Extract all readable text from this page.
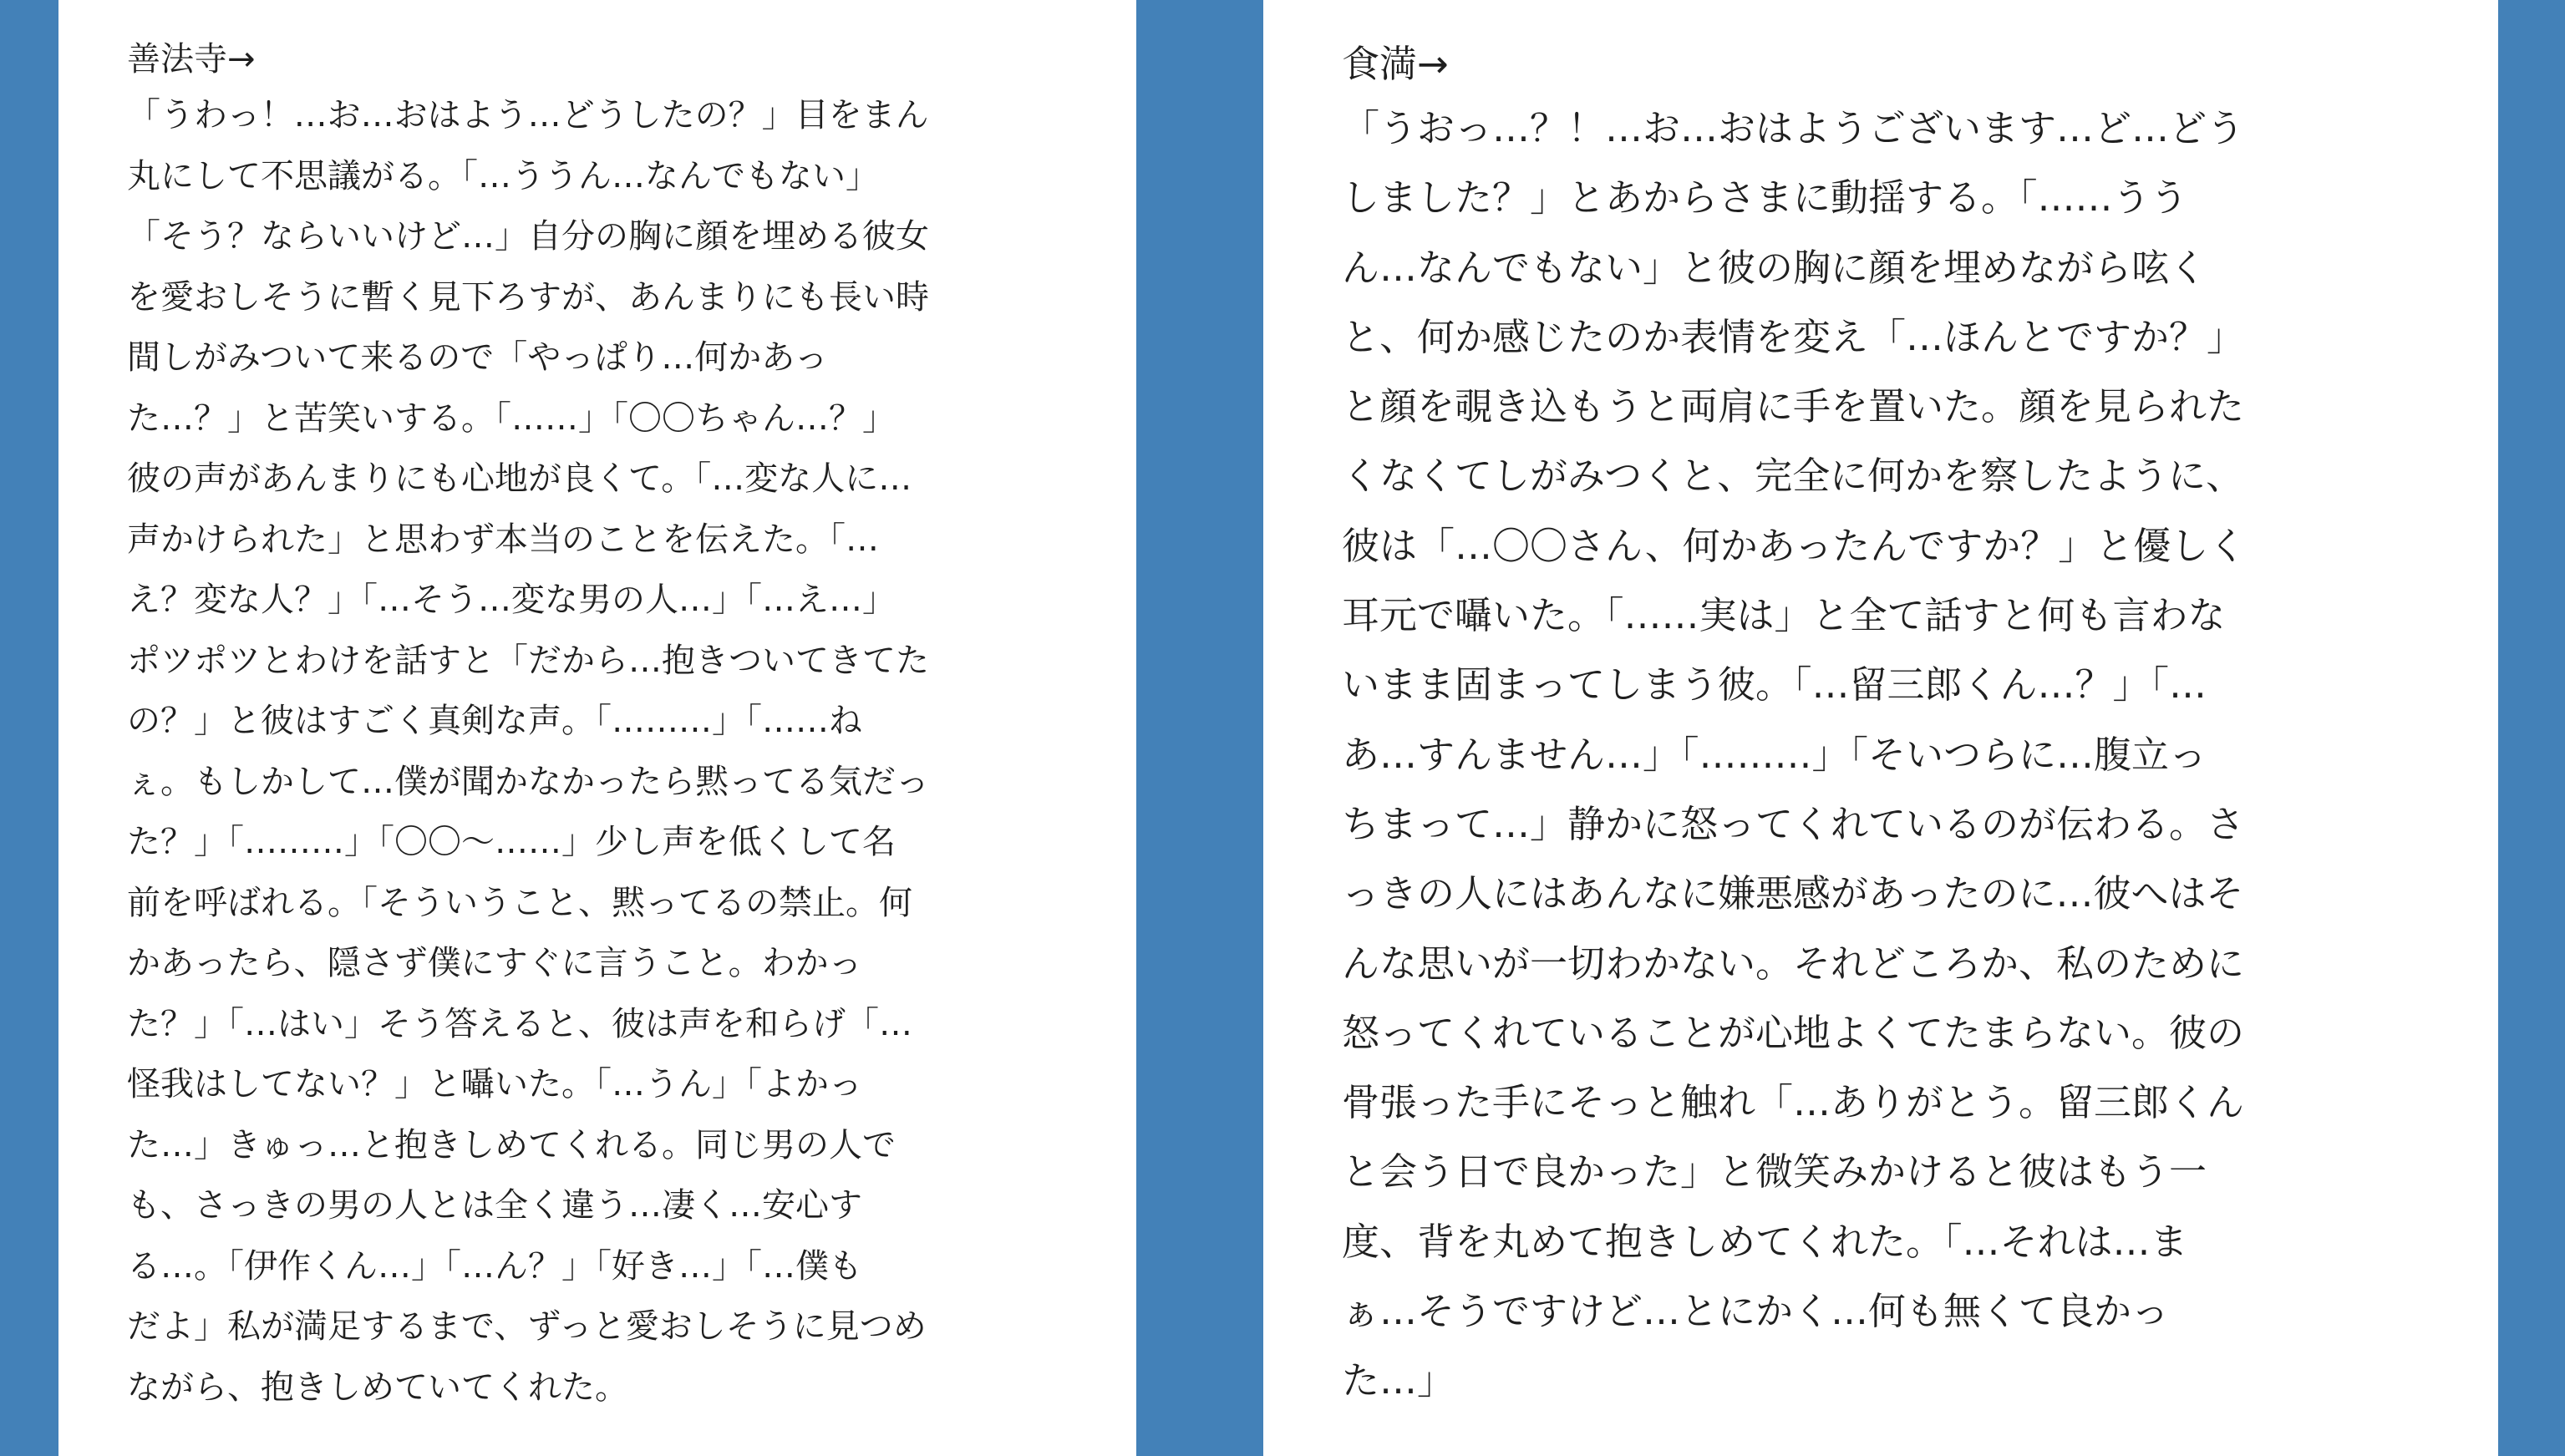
善法寺→
「うわっ！…お…おはよう…どうしたの？」目をまん
丸にして不思議がる。「…ううん…なんでもない」
「そう？ならいいけど…」自分の胸に顔を埋める彼女
を愛おしそうに暫く見下ろすが、あんまりにも長い時
間しがみついて来るので「やっぱり…何かあっ
た…？」と苦笑いする。「……」「〇〇ちゃん…？」
彼の声があんまりにも心地が良くて。「…変な人に…
声かけられた」と思わず本当のことを伝えた。「…
え？変な人？」「…そう…変な男の人…」「…え…」
ポツポツとわけを話すと「だから…抱きついてきてた
の？」と彼はすごく真剣な声。「………」「……ね
ぇ。もしかして…僕が聞かなかったら黙ってる気だっ
た？」「………」「〇〇〜……」少し声を低くして名
前を呼ばれる。「そういうこと、黙ってるの禁止。何
かあったら、隠さず僕にすぐに言うこと。わかっ
た？」「…はい」そう答えると、彼は声を和らげ「…
怪我はしてない？」と囁いた。「…うん」「よかっ
た…」きゅっ…と抱きしめてくれる。同じ男の人で
も、さっきの男の人とは全く違う…凄く…安心す
る…。「伊作くん…」「…ん？」「好き…」「…僕も
だよ」私が満足するまで、ずっと愛おしそうに見つめ
ながら、抱きしめていてくれた。
食満→
「うおっ…？！…お…おはようございます…ど…どう
しました？」とあからさまに動揺する。「……うう
ん…なんでもない」と彼の胸に顔を埋めながら呟く
と、何か感じたのか表情を変え「…ほんとですか？」
と顔を覗き込もうと両肩に手を置いた。顔を見られた
くなくてしがみつくと、完全に何かを察したように、
彼は「…〇〇さん、何かあったんですか？」と優しく
耳元で囁いた。「……実は」と全て話すと何も言わな
いまま固まってしまう彼。「…留三郎くん…？」「…
あ…すんません…」「………」「そいつらに…腹立っ
ちまって…」静かに怒ってくれているのが伝わる。さ
っきの人にはあんなに嫌悪感があったのに…彼へはそ
んな思いが一切わかない。それどころか、私のために
怒ってくれていることが心地よくてたまらない。彼の
骨張った手にそっと触れ「…ありがとう。留三郎くん
と会う日で良かった」と微笑みかけると彼はもう一
度、背を丸めて抱きしめてくれた。「…それは…ま
ぁ…そうですけど…とにかく…何も無くて良かっ
た…」
